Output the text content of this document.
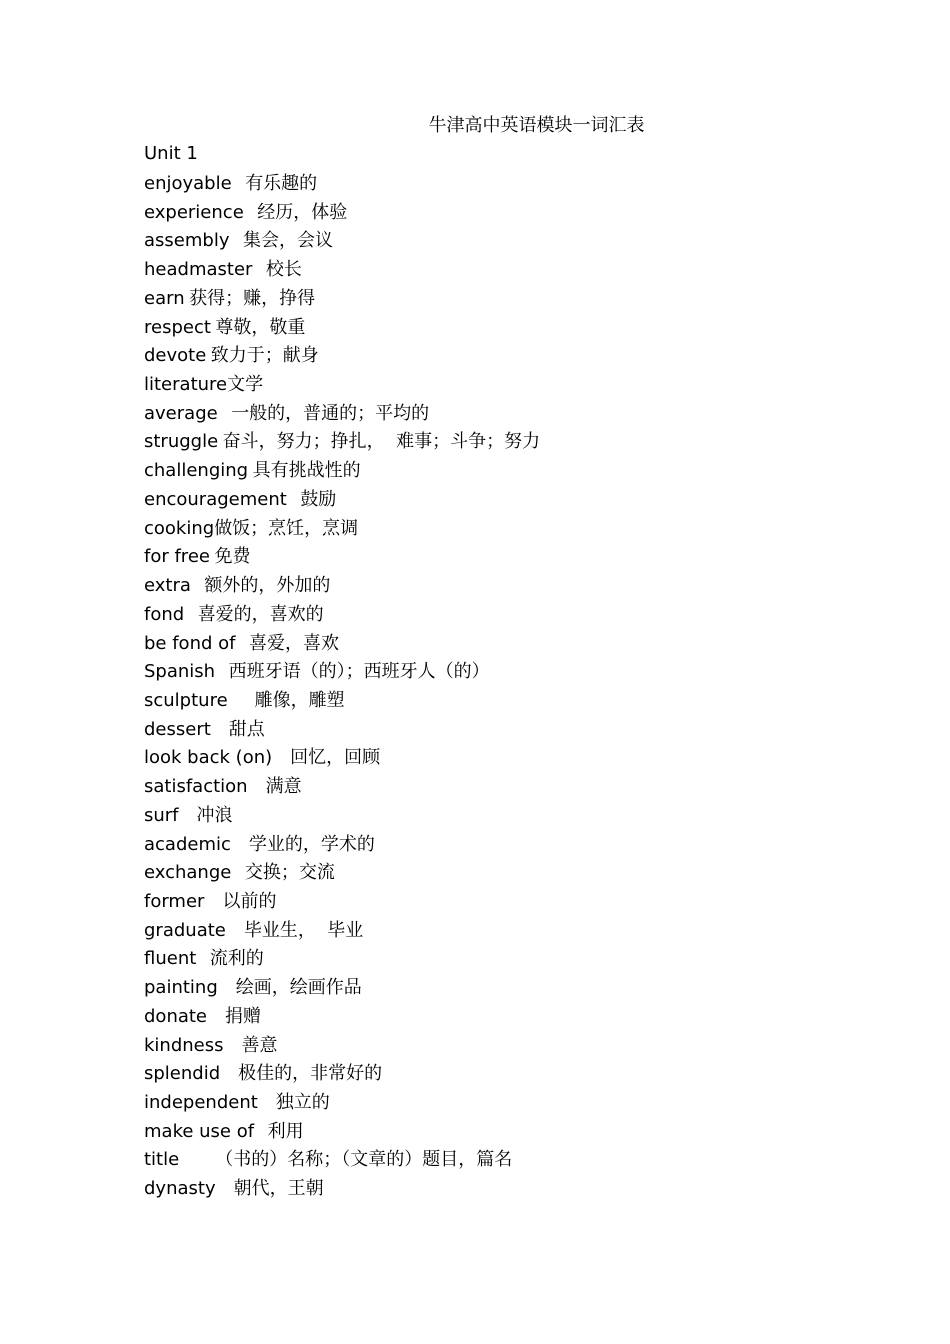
牛津高中英语模块一词汇表
Unit 1
enjoyable 有乐趣的
experience 经历，体验
assembly 集会，会议
headmaster 校长
earn 获得；赚，挣得
respect 尊敬，敬重
devote 致力于；献身
literature文学
average 一般的，普通的；平均的
struggle 奋斗，努力；挣扎，  难事；斗争；努力
challenging 具有挑战性的
encouragement 鼓励
cooking做饭；烹饪，烹调
for free 免费
extra 额外的，外加的
fond 喜爱的，喜欢的
be fond of 喜爱，喜欢
Spanish 西班牙语（的）；西班牙人（的）
sculpture 雕像，雕塑
dessert 甜点
look back (on) 回忆，回顾
satisfaction 满意
surf 冲浪
academic 学业的，学术的
exchange 交换；交流
former 以前的
graduate 毕业生，  毕业
fluent 流利的
painting 绘画，绘画作品
donate 捐赠
kindness 善意
splendid 极佳的，非常好的
independent 独立的
make use of 利用
title （书的）名称；（文章的）题目，篇名
dynasty 朝代，王朝
